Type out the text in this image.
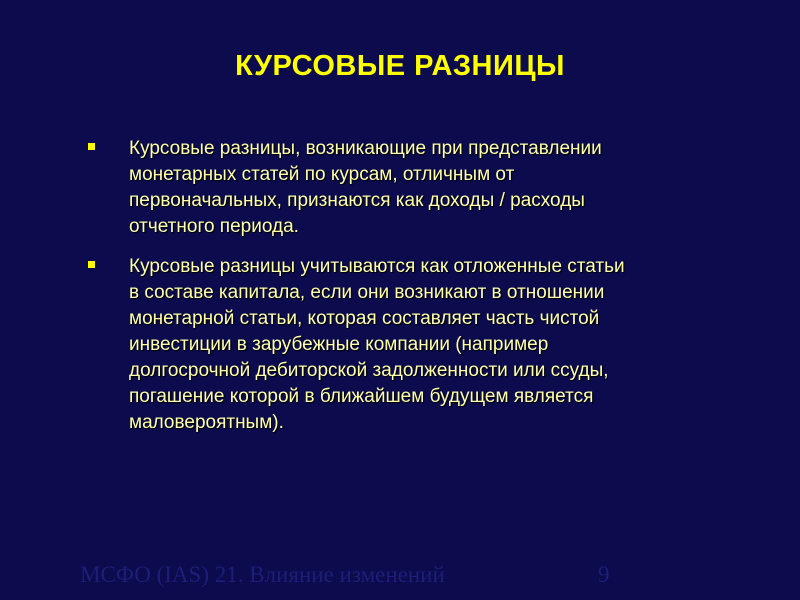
КУРСОВЫЕ РАЗНИЦЫ
Курсовые разницы, возникающие при представлении
монетарных статей по курсам, отличным от
первоначальных, признаются как доходы / расходы
отчетного периода.
Курсовые разницы учитываются как отложенные статьи
в составе капитала, если они возникают в отношении
монетарной статьи, которая составляет часть чистой
инвестиции в зарубежные компании (например
долгосрочной дебиторской задолженности или ссуды,
погашение которой в ближайшем будущем является
маловероятным).
МСФО (IAS) 21. Влияние изменений	9
